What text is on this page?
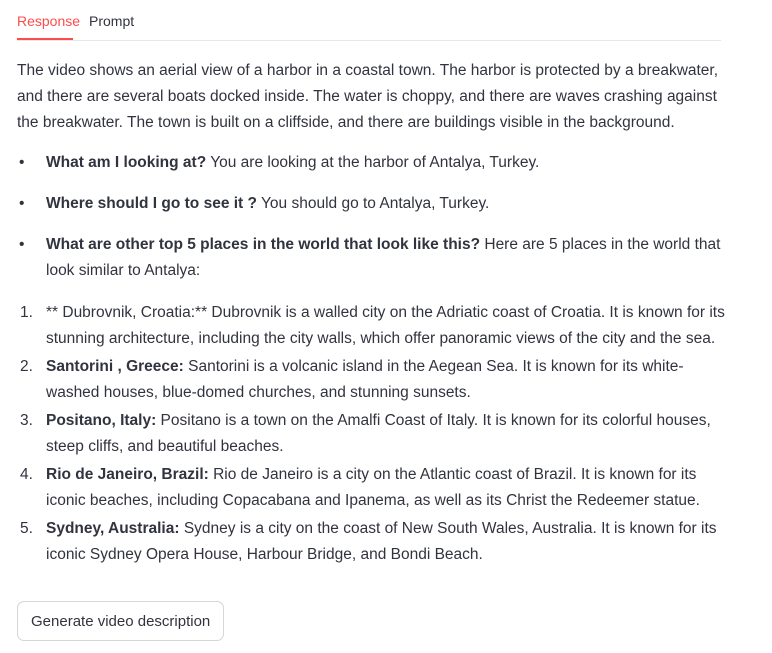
Response Prompt

The video shows an aerial view of a harbor in a coastal town. The harbor is protected by a breakwater, and there are several boats docked inside. The water is choppy, and there are waves crashing against the breakwater. The town is built on a cliffside, and there are buildings visible in the background.

• What am I looking at? You are looking at the harbor of Antalya, Turkey.
• Where should I go to see it ? You should go to Antalya, Turkey.
• What are other top 5 places in the world that look like this? Here are 5 places in the world that look similar to Antalya:
1. ** Dubrovnik, Croatia:** Dubrovnik is a walled city on the Adriatic coast of Croatia. It is known for its stunning architecture, including the city walls, which offer panoramic views of the city and the sea.
2. Santorini , Greece: Santorini is a volcanic island in the Aegean Sea. It is known for its white-washed houses, blue-domed churches, and stunning sunsets.
3. Positano, Italy: Positano is a town on the Amalfi Coast of Italy. It is known for its colorful houses, steep cliffs, and beautiful beaches.
4. Rio de Janeiro, Brazil: Rio de Janeiro is a city on the Atlantic coast of Brazil. It is known for its iconic beaches, including Copacabana and Ipanema, as well as its Christ the Redeemer statue.
5. Sydney, Australia: Sydney is a city on the coast of New South Wales, Australia. It is known for its iconic Sydney Opera House, Harbour Bridge, and Bondi Beach.
Generate video description
